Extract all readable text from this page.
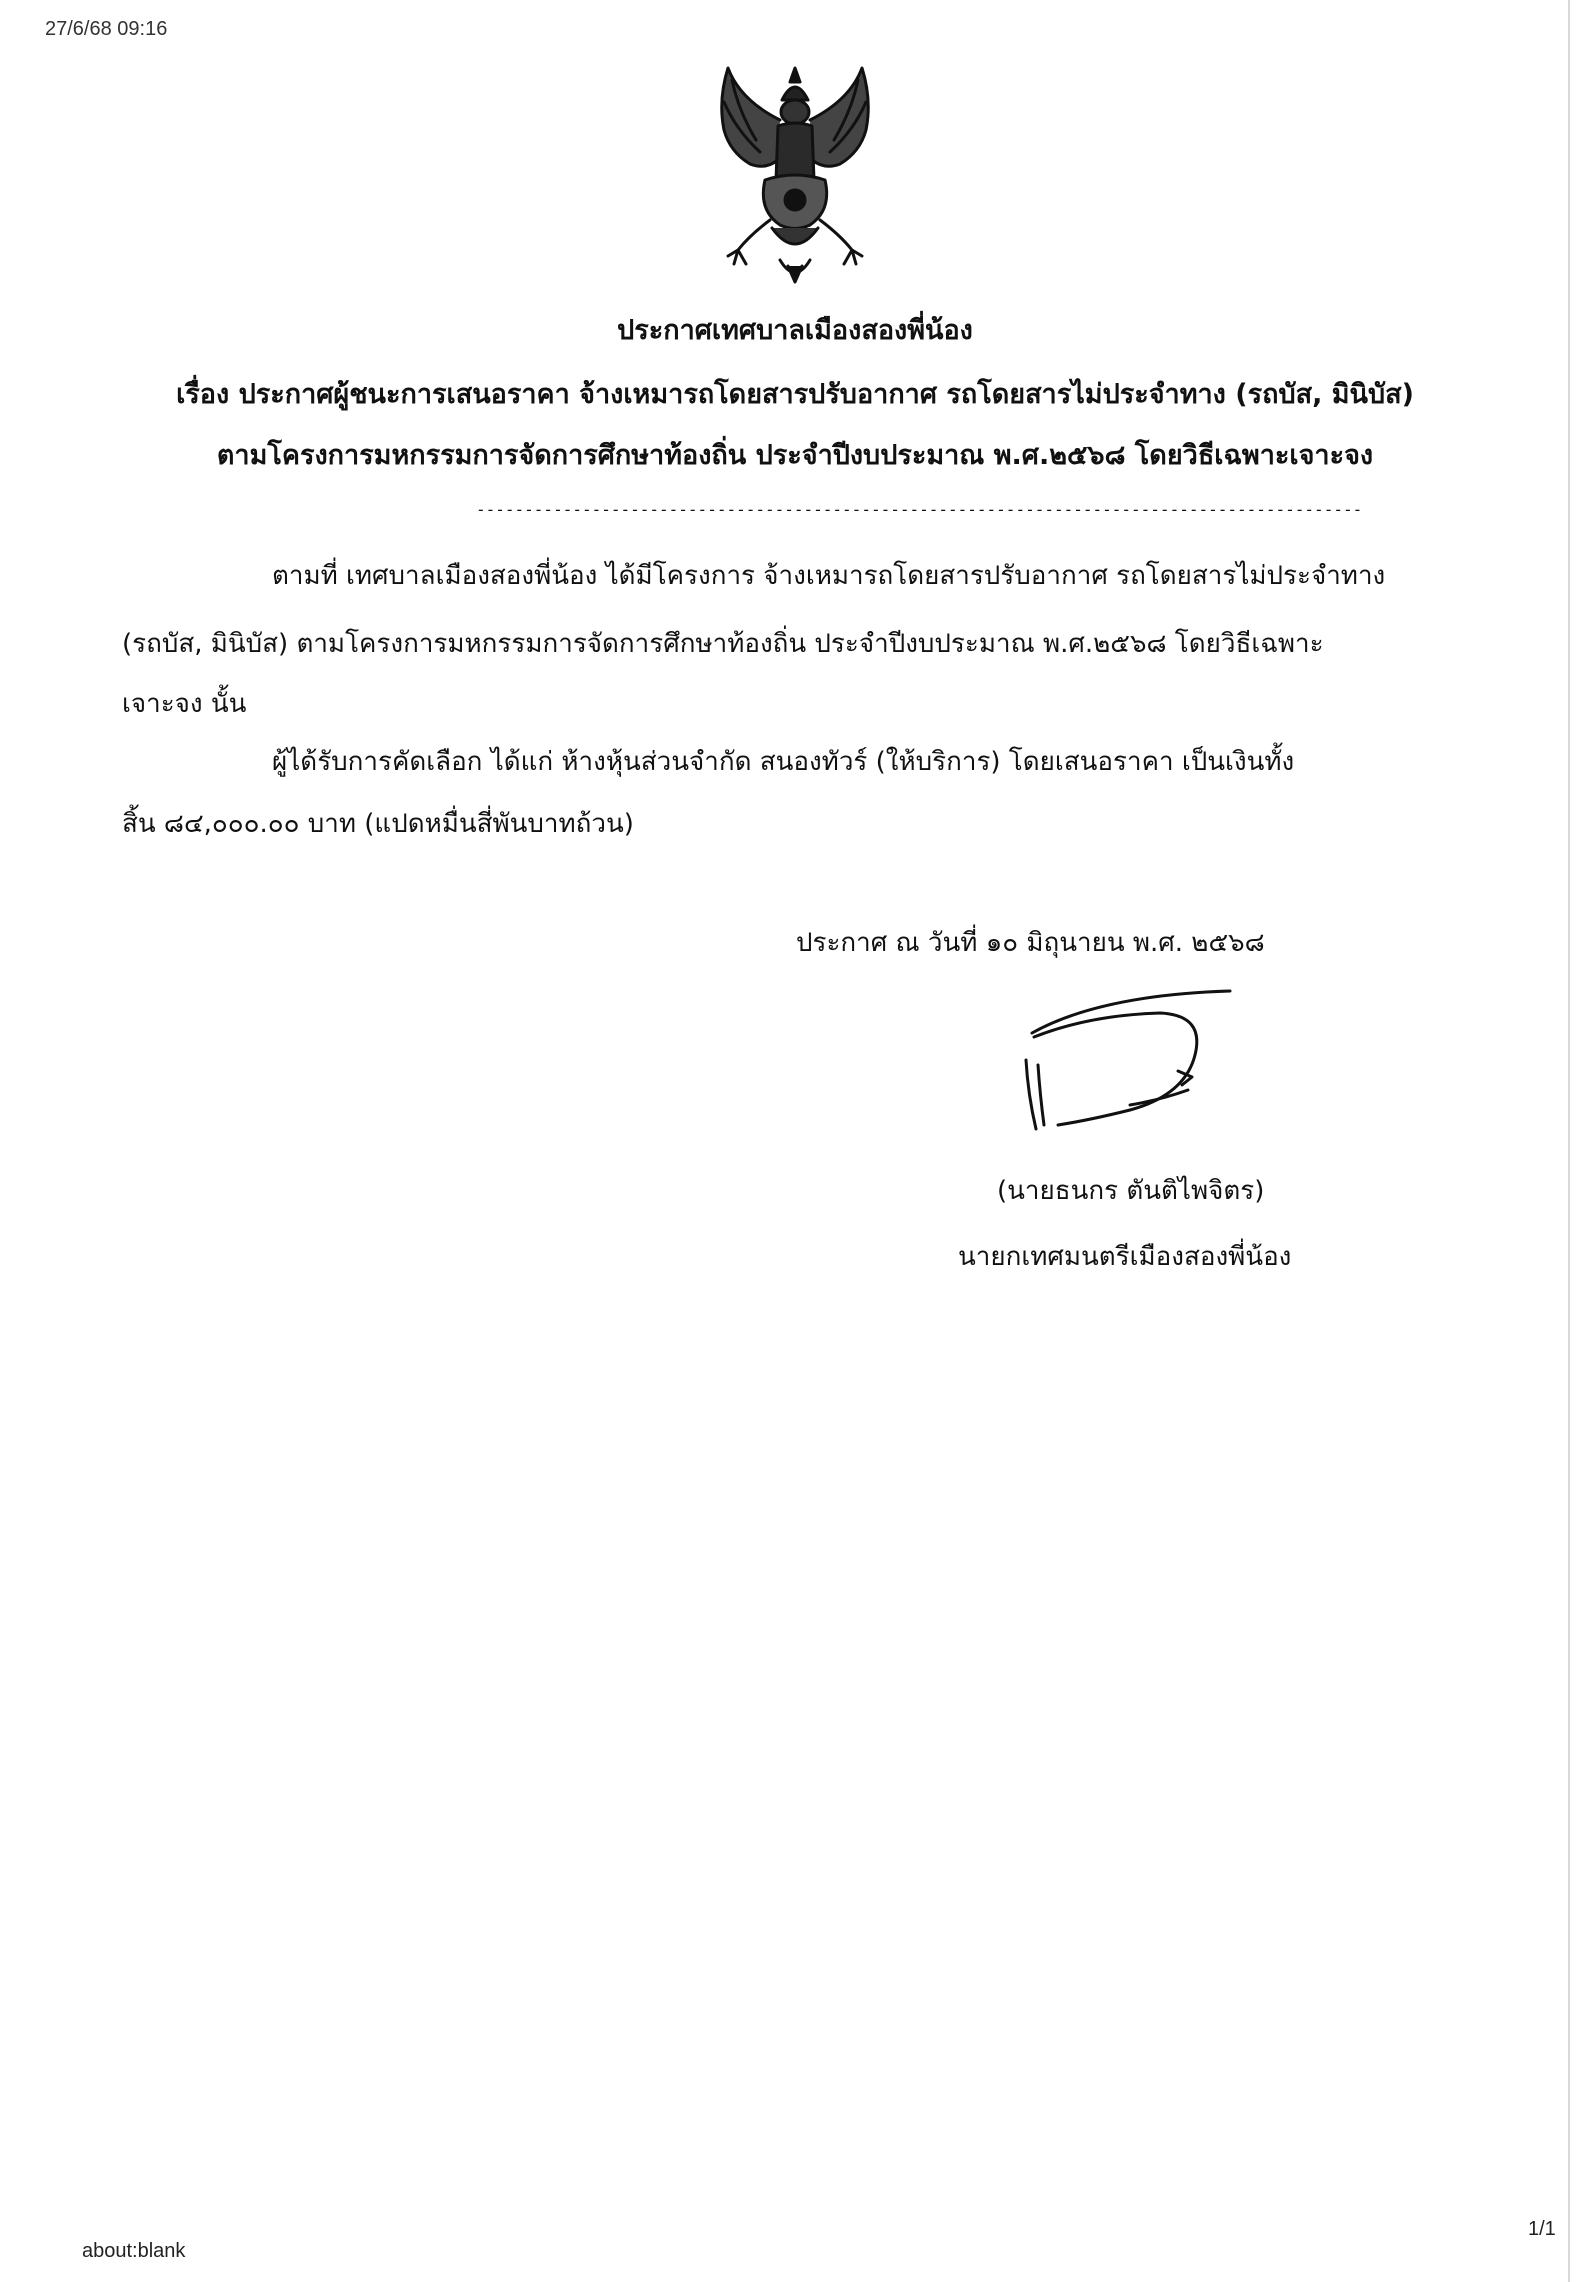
27/6/68 09:16
ประกาศเทศบาลเมืองสองพี่น้อง
เรื่อง ประกาศผู้ชนะการเสนอราคา จ้างเหมารถโดยสารปรับอากาศ รถโดยสารไม่ประจำทาง (รถบัส, มินิบัส)
ตามโครงการมหกรรมการจัดการศึกษาท้องถิ่น ประจำปีงบประมาณ พ.ศ.๒๕๖๘ โดยวิธีเฉพาะเจาะจง
--------------------------------------------------------------------------------------------
ตามที่ เทศบาลเมืองสองพี่น้อง ได้มีโครงการ จ้างเหมารถโดยสารปรับอากาศ รถโดยสารไม่ประจำทาง
(รถบัส, มินิบัส) ตามโครงการมหกรรมการจัดการศึกษาท้องถิ่น ประจำปีงบประมาณ พ.ศ.๒๕๖๘ โดยวิธีเฉพาะ
เจาะจง นั้น
ผู้ได้รับการคัดเลือก ได้แก่ ห้างหุ้นส่วนจำกัด สนองทัวร์ (ให้บริการ) โดยเสนอราคา เป็นเงินทั้ง
สิ้น ๘๔,๐๐๐.๐๐ บาท (แปดหมื่นสี่พันบาทถ้วน)
ประกาศ ณ วันที่ ๑๐ มิถุนายน พ.ศ. ๒๕๖๘
(นายธนกร ตันติไพจิตร)
นายกเทศมนตรีเมืองสองพี่น้อง
1/1
about:blank
